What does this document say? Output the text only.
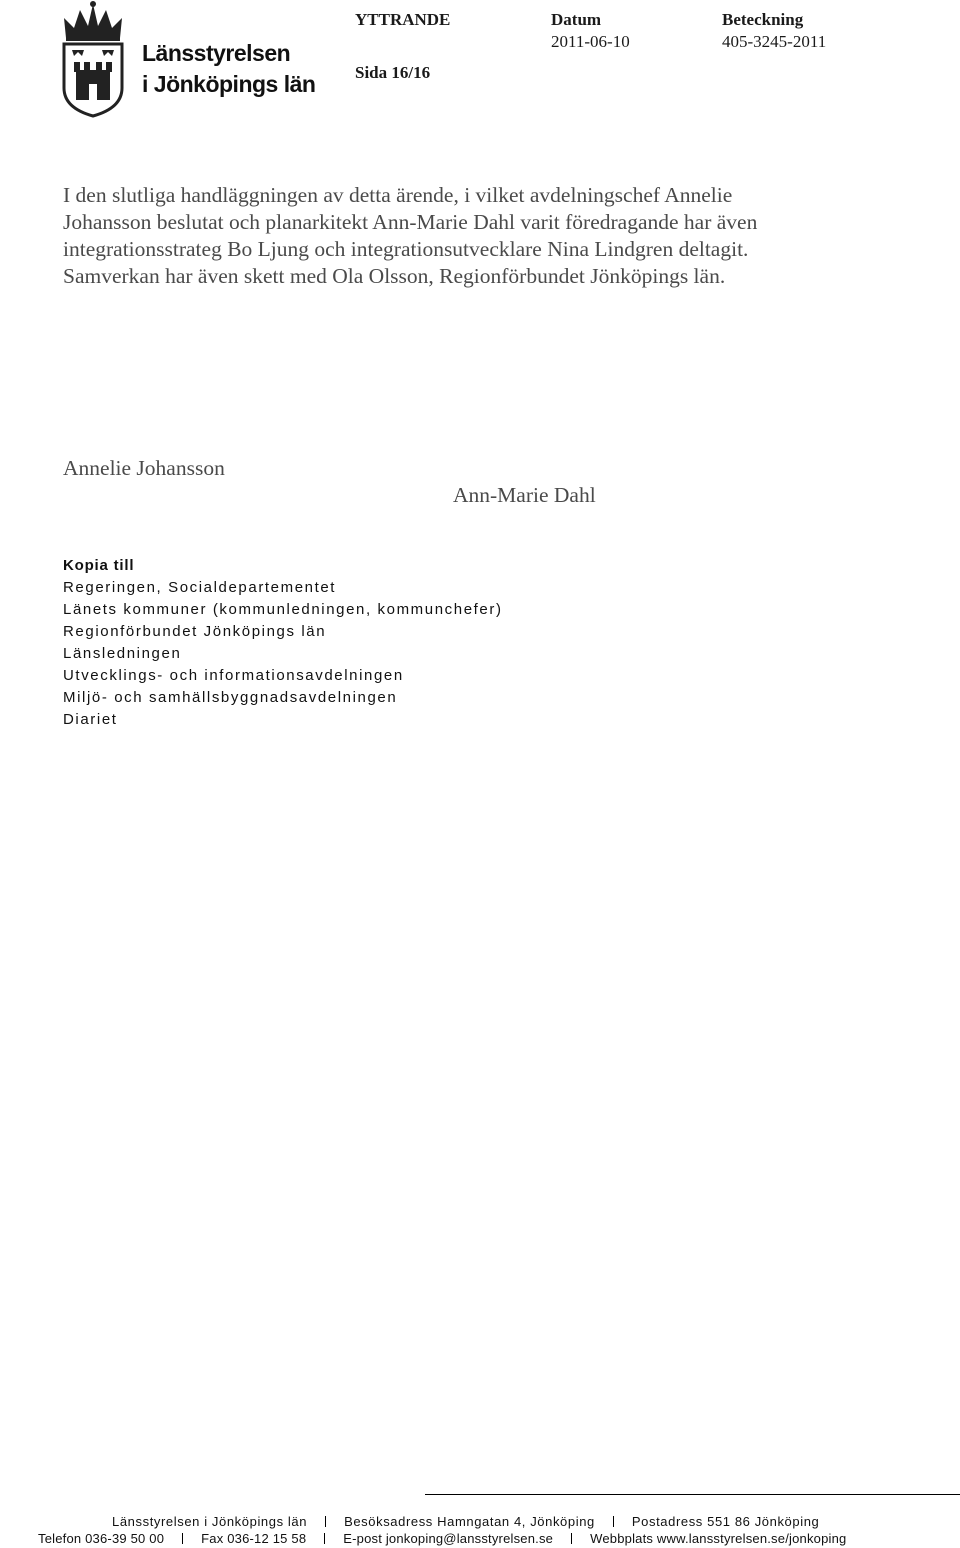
Länsstyrelsen
i Jönköpings län
YTTRANDE
Sida 16/16
Datum
2011-06-10
Beteckning
405-3245-2011

I den slutliga handläggningen av detta ärende, i vilket avdelningschef Annelie Johansson beslutat och planarkitekt Ann-Marie Dahl varit föredragande har även integrationsstrateg Bo Ljung och integrationsutvecklare Nina Lindgren deltagit. Samverkan har även skett med Ola Olsson, Regionförbundet Jönköpings län.

Annelie Johansson
Ann-Marie Dahl
Kopia till
Regeringen, Socialdepartementet
Länets kommuner (kommunledningen, kommunchefer)
Regionförbundet Jönköpings län
Länsledningen
Utvecklings- och informationsavdelningen
Miljö- och samhällsbyggnadsavdelningen
Diariet
Länsstyrelsen i Jönköpings län	Besöksadress Hamngatan 4, Jönköping	Postadress 551 86 Jönköping
Telefon 036-39 50 00	Fax 036-12 15 58	E-post jonkoping@lansstyrelsen.se	Webbplats www.lansstyrelsen.se/jonkoping
